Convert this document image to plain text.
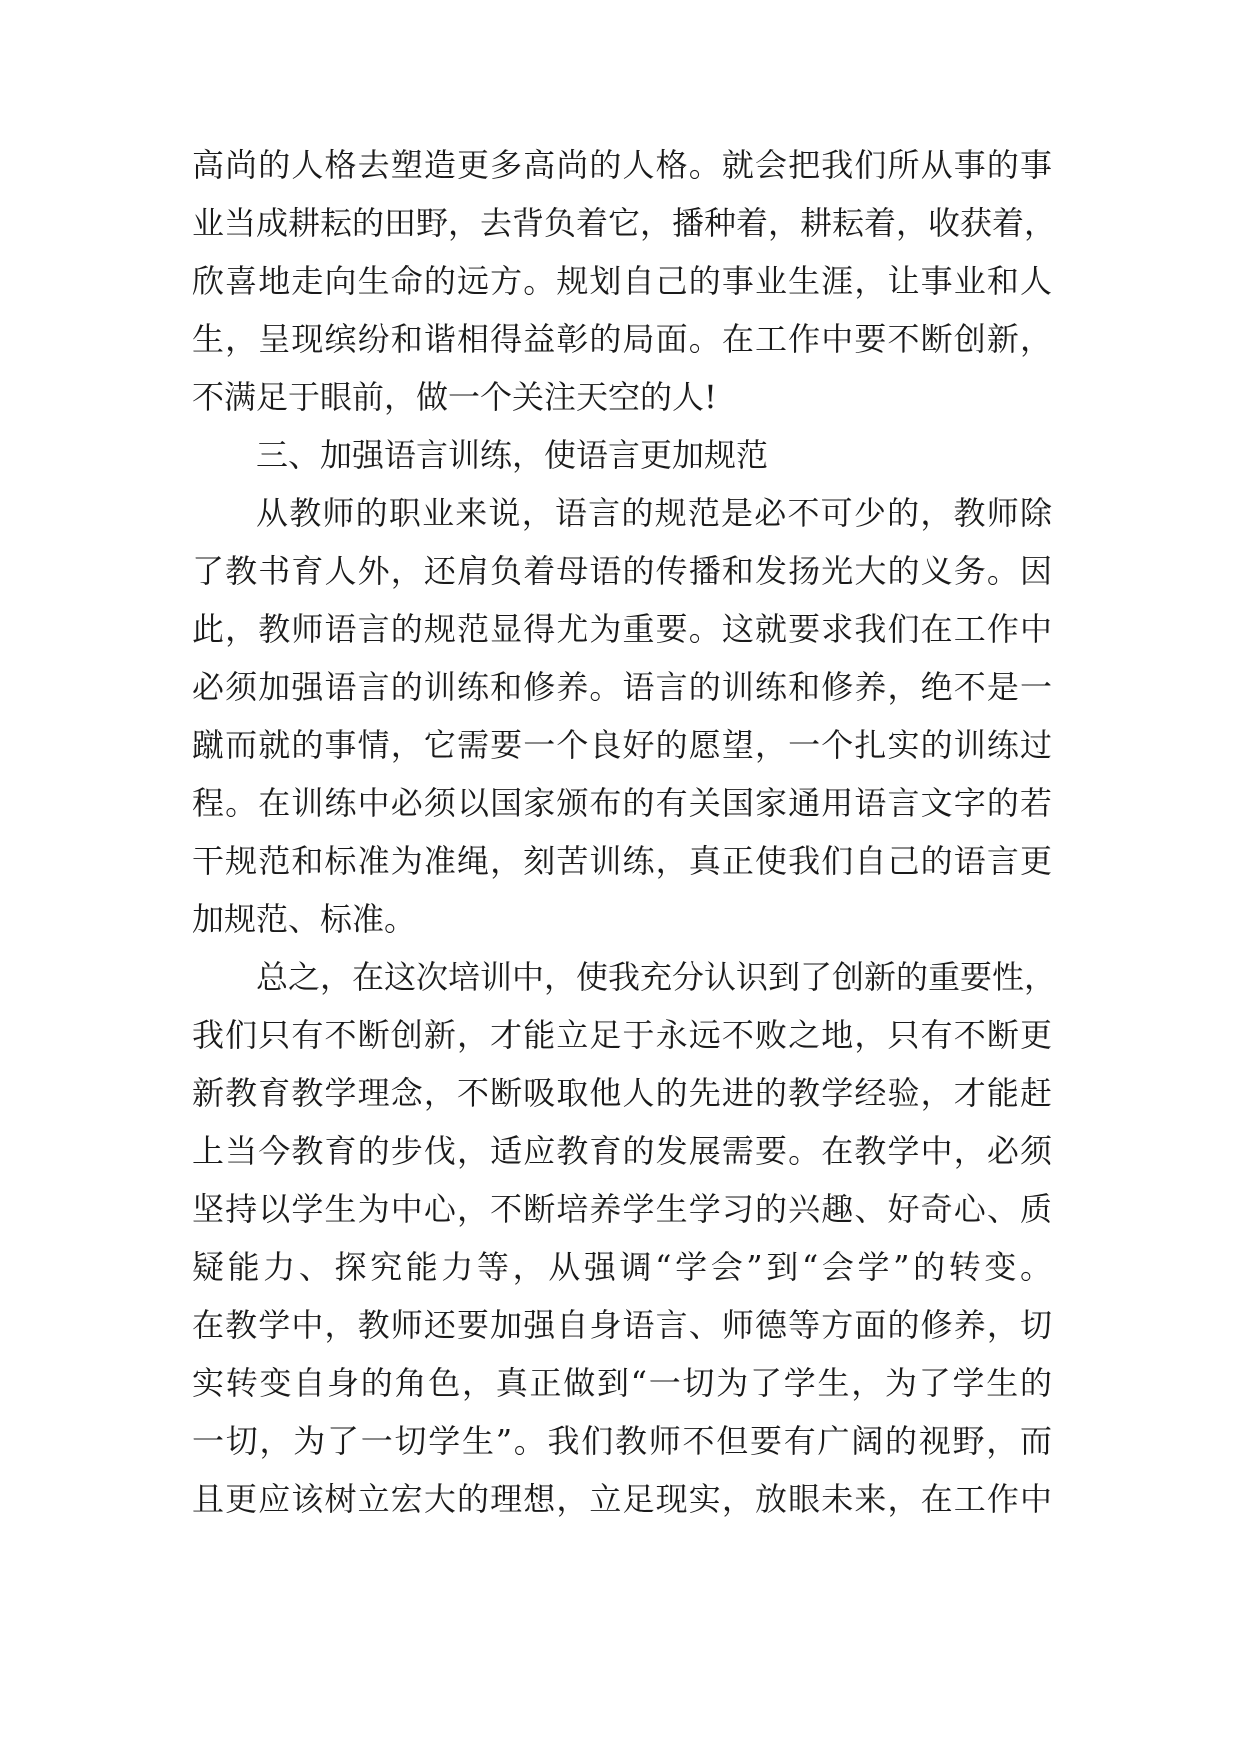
高尚的人格去塑造更多高尚的人格。就会把我们所从事的事
业当成耕耘的田野，去背负着它，播种着，耕耘着，收获着，
欣喜地走向生命的远方。规划自己的事业生涯，让事业和人
生，呈现缤纷和谐相得益彰的局面。在工作中要不断创新，
不满足于眼前，做一个关注天空的人!
三、加强语言训练，使语言更加规范
从教师的职业来说，语言的规范是必不可少的，教师除
了教书育人外，还肩负着母语的传播和发扬光大的义务。因
此，教师语言的规范显得尤为重要。这就要求我们在工作中
必须加强语言的训练和修养。语言的训练和修养，绝不是一
蹴而就的事情，它需要一个良好的愿望，一个扎实的训练过
程。在训练中必须以国家颁布的有关国家通用语言文字的若
干规范和标准为准绳，刻苦训练，真正使我们自己的语言更
加规范、标准。
总之，在这次培训中，使我充分认识到了创新的重要性，
我们只有不断创新，才能立足于永远不败之地，只有不断更
新教育教学理念，不断吸取他人的先进的教学经验，才能赶
上当今教育的步伐，适应教育的发展需要。在教学中，必须
坚持以学生为中心，不断培养学生学习的兴趣、好奇心、质
疑能力、探究能力等，从强调“学会”到“会学”的转变。
在教学中，教师还要加强自身语言、师德等方面的修养，切
实转变自身的角色，真正做到“一切为了学生，为了学生的
一切，为了一切学生”。我们教师不但要有广阔的视野，而
且更应该树立宏大的理想，立足现实，放眼未来，在工作中
